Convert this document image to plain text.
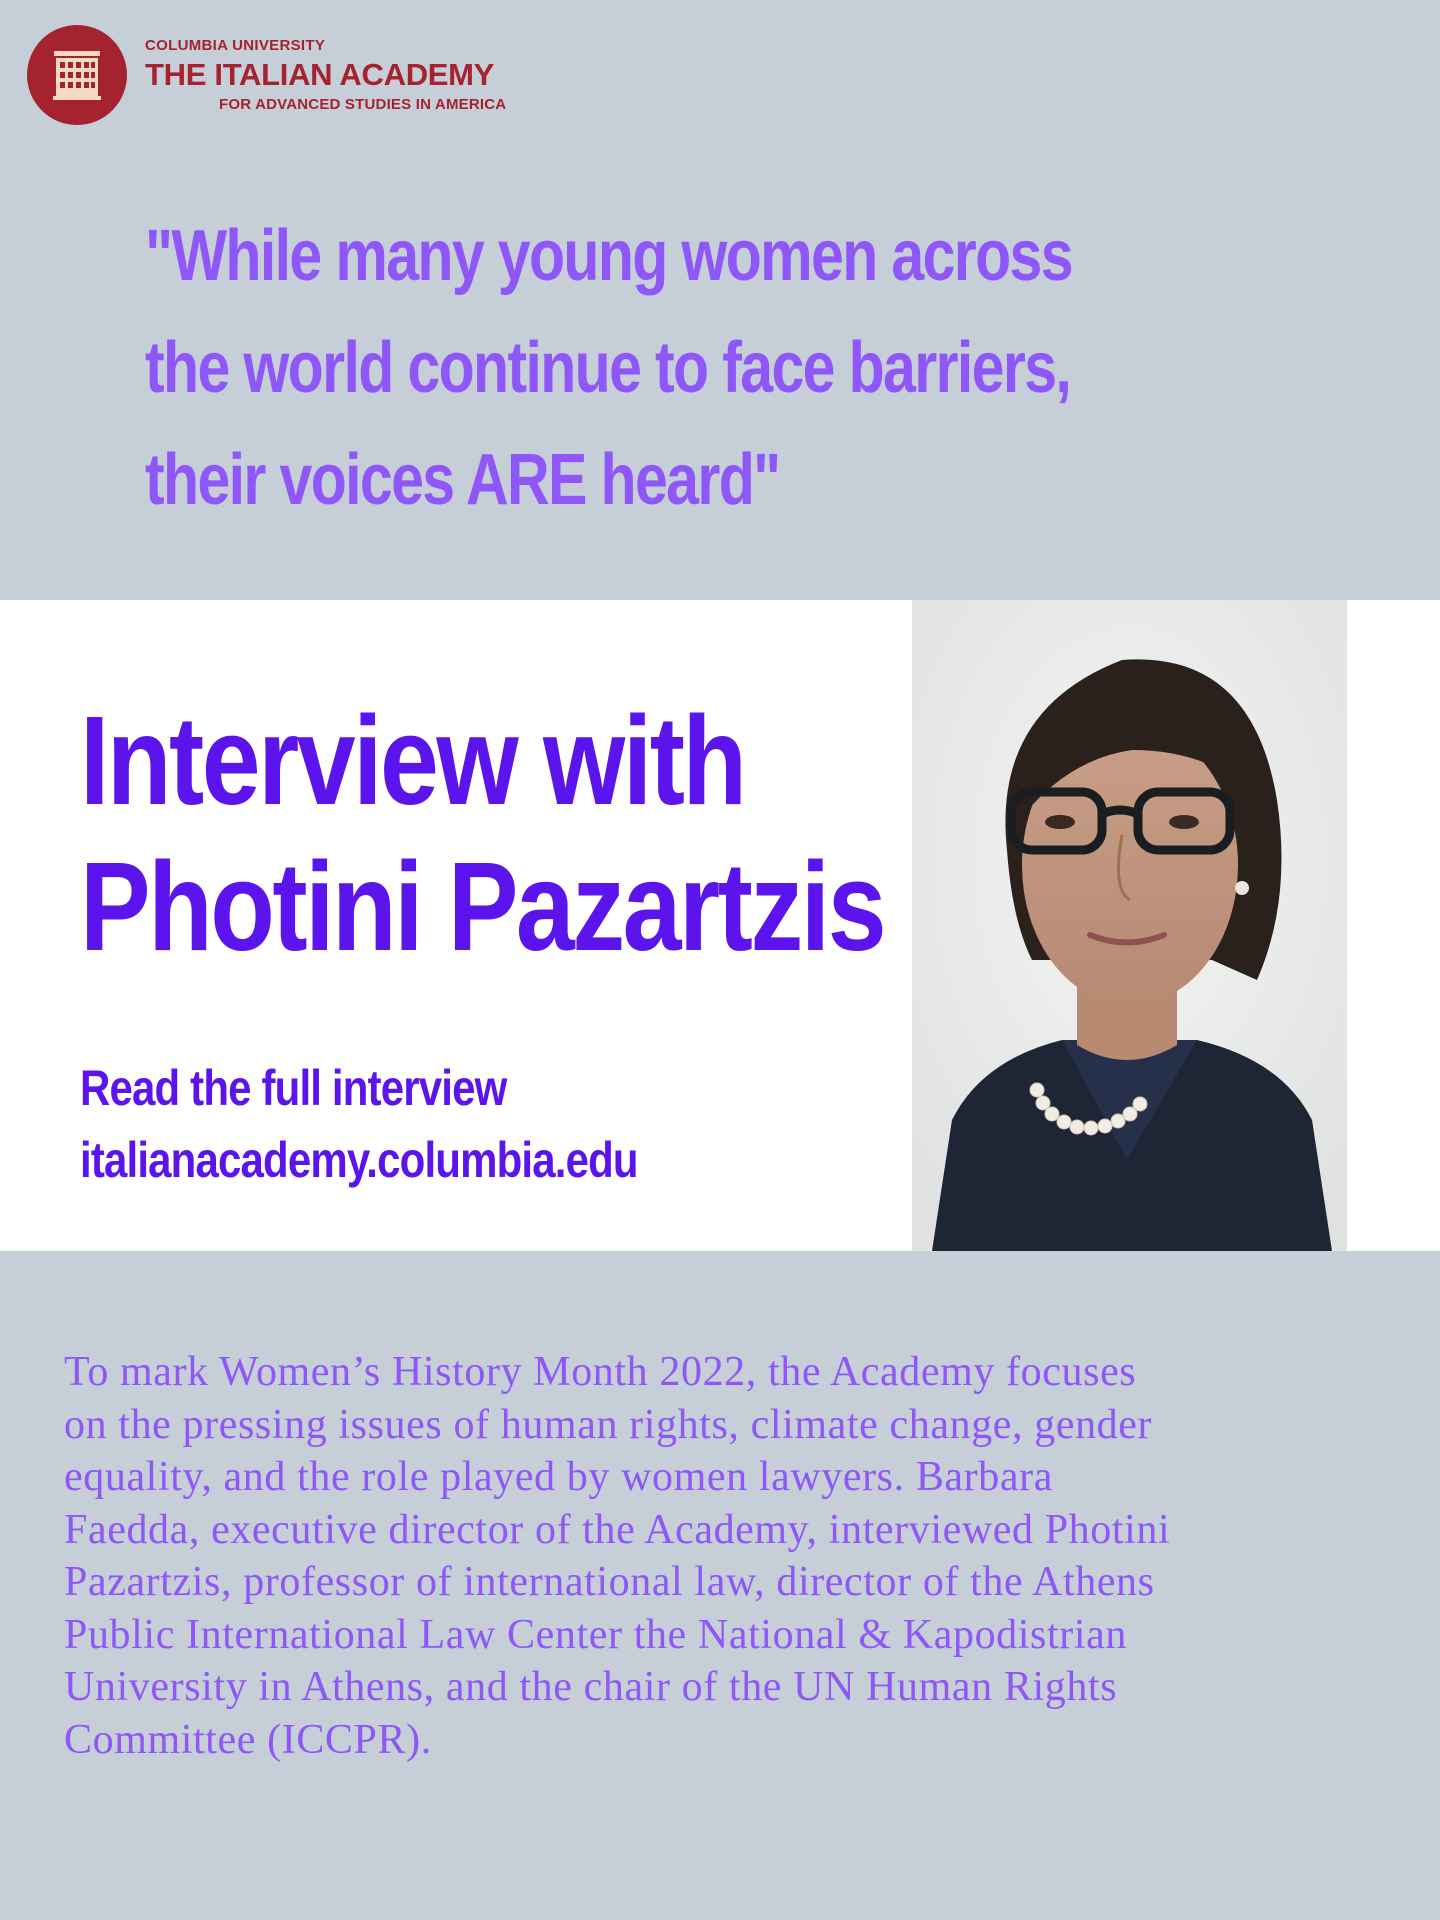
COLUMBIA UNIVERSITY
THE ITALIAN ACADEMY
FOR ADVANCED STUDIES IN AMERICA
"While many young women across
the world continue to face barriers,
their voices ARE heard"
Interview with
Photini Pazartzis
Read the full interview
italianacademy.columbia.edu

To mark Women’s History Month 2022, the Academy focuses
on the pressing issues of human rights, climate change, gender
equality, and the role played by women lawyers. Barbara
Faedda, executive director of the Academy, interviewed Photini
Pazartzis, professor of international law, director of the Athens
Public International Law Center the National & Kapodistrian
University in Athens, and the chair of the UN Human Rights
Committee (ICCPR).
